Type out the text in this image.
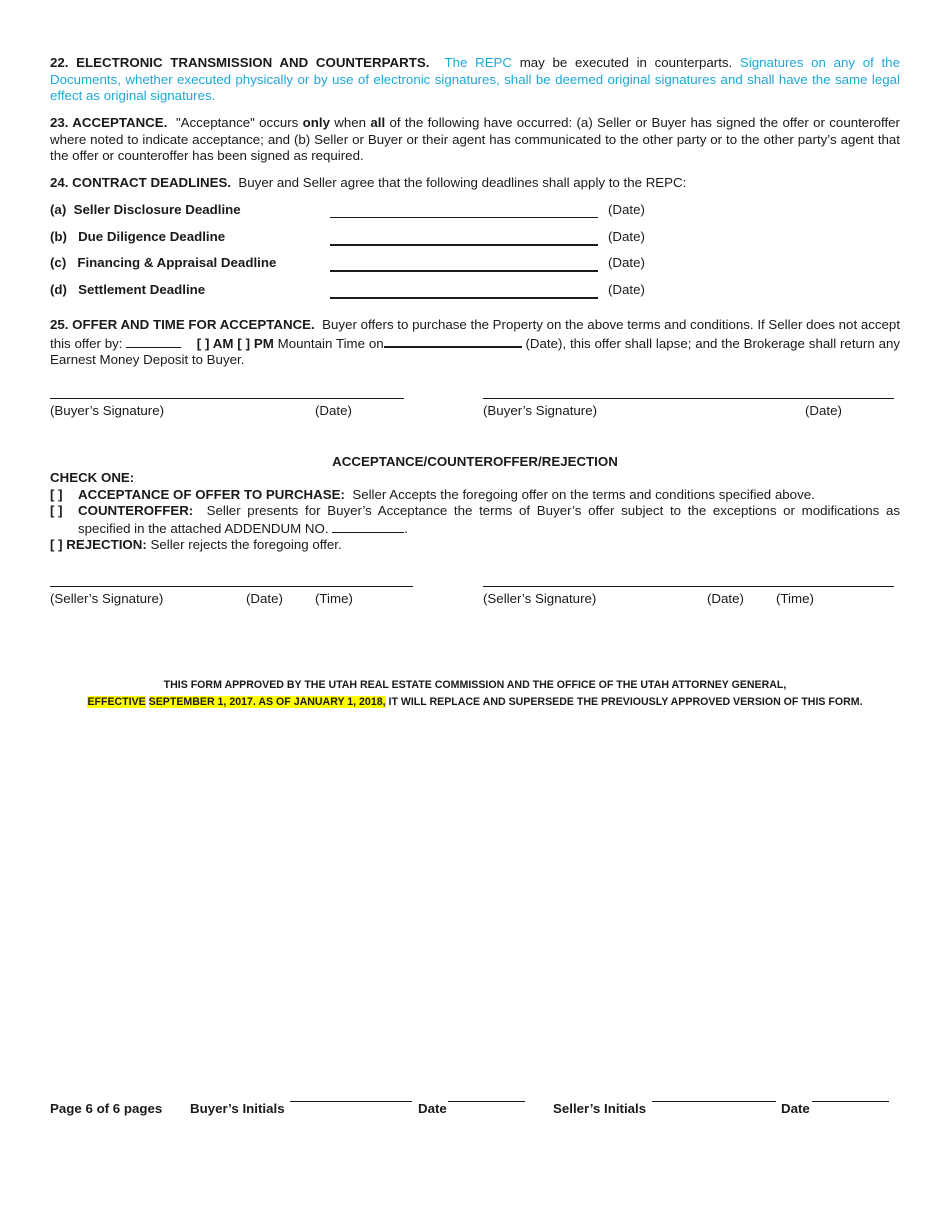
22. ELECTRONIC TRANSMISSION AND COUNTERPARTS. The REPC may be executed in counterparts. Signatures on any of the Documents, whether executed physically or by use of electronic signatures, shall be deemed original signatures and shall have the same legal effect as original signatures.

23. ACCEPTANCE. "Acceptance" occurs only when all of the following have occurred: (a) Seller or Buyer has signed the offer or counteroffer where noted to indicate acceptance; and (b) Seller or Buyer or their agent has communicated to the other party or to the other party’s agent that the offer or counteroffer has been signed as required.

24. CONTRACT DEADLINES. Buyer and Seller agree that the following deadlines shall apply to the REPC:

(a) Seller Disclosure Deadline	(Date)
(b) Due Diligence Deadline	(Date)
(c) Financing & Appraisal Deadline	(Date)
(d) Settlement Deadline	(Date)

25. OFFER AND TIME FOR ACCEPTANCE. Buyer offers to purchase the Property on the above terms and conditions. If Seller does not accept this offer by:	[ ] AM [ ] PM Mountain Time on	(Date), this offer shall lapse; and the Brokerage shall return any Earnest Money Deposit to Buyer.

(Buyer’s Signature)	(Date)	(Buyer’s Signature)	(Date)
ACCEPTANCE/COUNTEROFFER/REJECTION
CHECK ONE:
[ ] ACCEPTANCE OF OFFER TO PURCHASE: Seller Accepts the foregoing offer on the terms and conditions specified above.
[ ] COUNTEROFFER: Seller presents for Buyer’s Acceptance the terms of Buyer’s offer subject to the exceptions or modifications as specified in the attached ADDENDUM NO.	.
[ ] REJECTION: Seller rejects the foregoing offer.
(Seller’s Signature)	(Date) (Time)	(Seller’s Signature)	(Date) (Time)
THIS FORM APPROVED BY THE UTAH REAL ESTATE COMMISSION AND THE OFFICE OF THE UTAH ATTORNEY GENERAL,
EFFECTIVE SEPTEMBER 1, 2017. AS OF JANUARY 1, 2018, IT WILL REPLACE AND SUPERSEDE THE PREVIOUSLY APPROVED VERSION OF THIS FORM.
Page 6 of 6 pages Buyer’s Initials	Date	Seller’s Initials	Date
